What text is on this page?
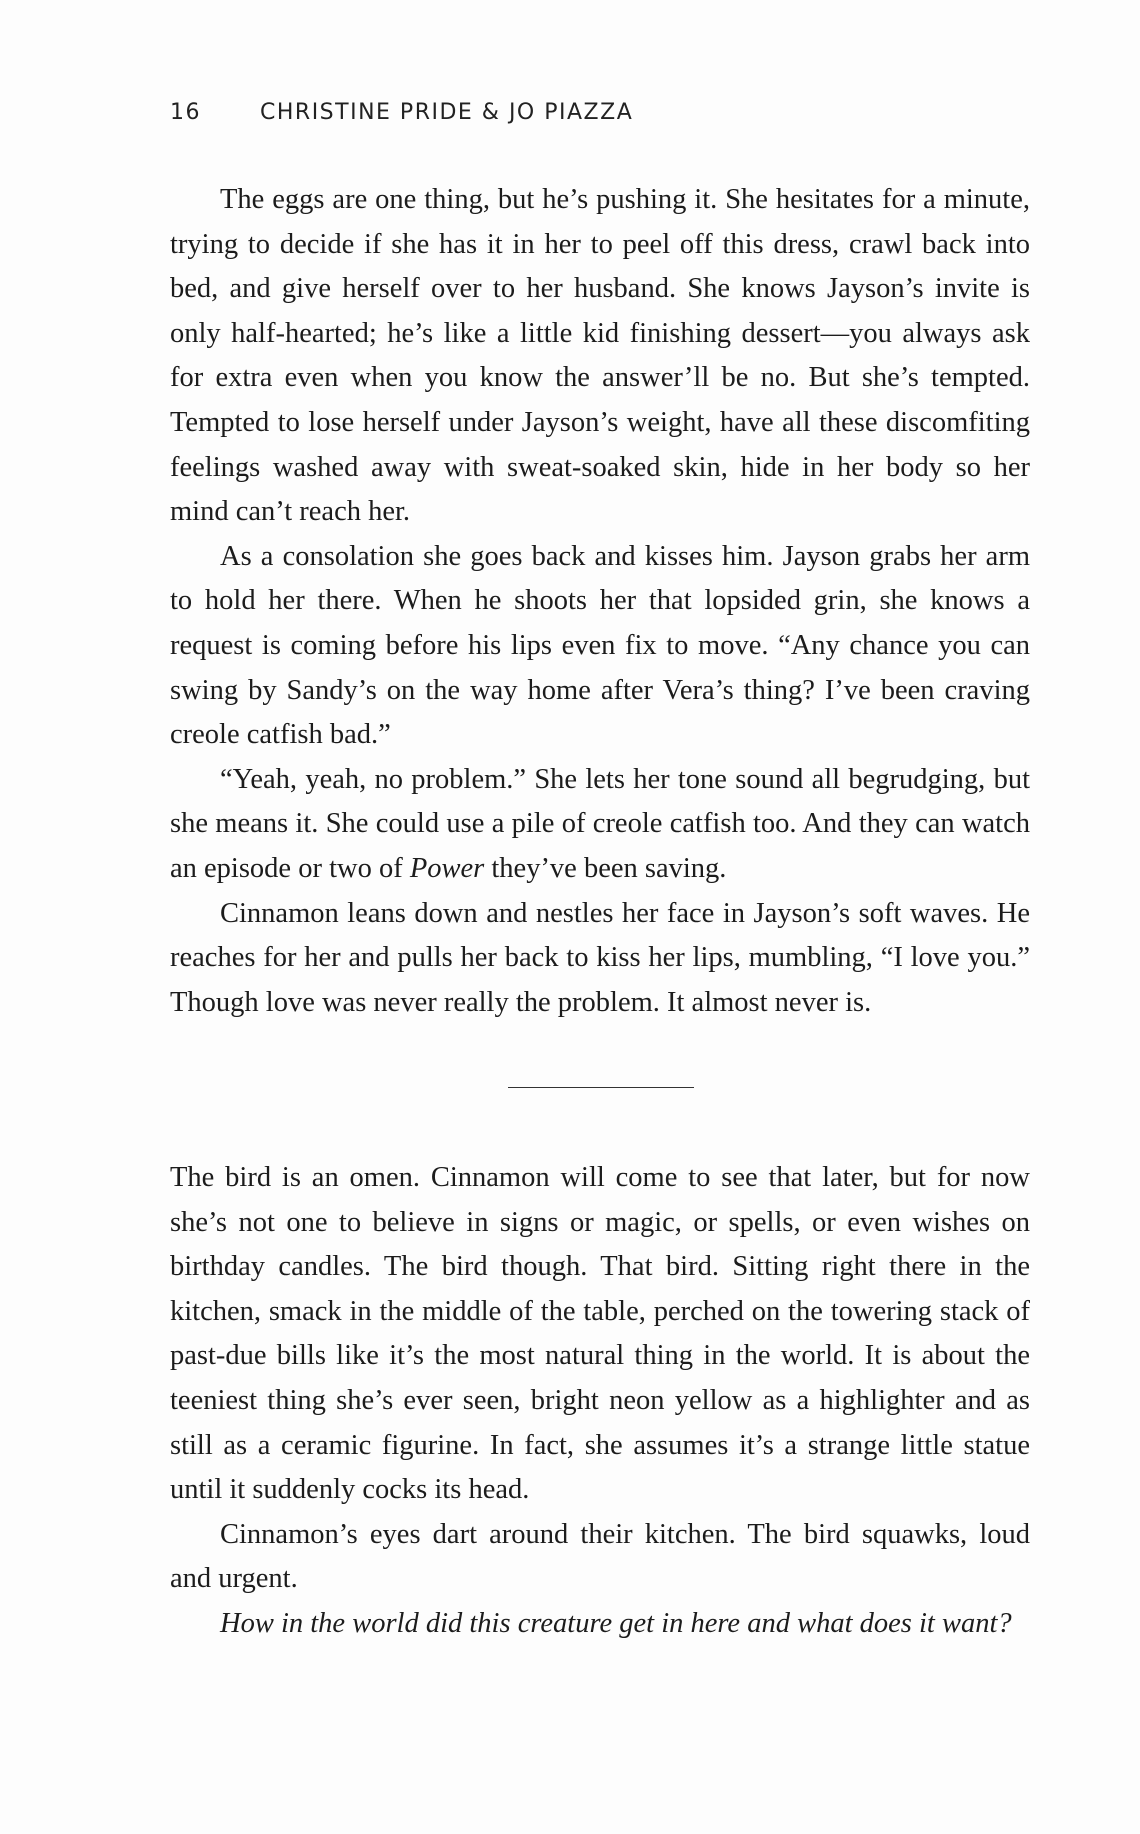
16	CHRISTINE PRIDE & JO PIAZZA

The eggs are one thing, but he’s pushing it. She hesitates for a minute, trying to decide if she has it in her to peel off this dress, crawl back into bed, and give herself over to her husband. She knows Jayson’s invite is only half-hearted; he’s like a little kid finishing dessert—you always ask for extra even when you know the answer’ll be no. But she’s tempted. Tempted to lose herself under Jayson’s weight, have all these discomfiting feelings washed away with sweat-soaked skin, hide in her body so her mind can’t reach her.

As a consolation she goes back and kisses him. Jayson grabs her arm to hold her there. When he shoots her that lopsided grin, she knows a request is coming before his lips even fix to move. “Any chance you can swing by Sandy’s on the way home after Vera’s thing? I’ve been craving creole catfish bad.”

“Yeah, yeah, no problem.” She lets her tone sound all begrudging, but she means it. She could use a pile of creole catfish too. And they can watch an episode or two of Power they’ve been saving.

Cinnamon leans down and nestles her face in Jayson’s soft waves. He reaches for her and pulls her back to kiss her lips, mumbling, “I love you.” Though love was never really the problem. It almost never is.

The bird is an omen. Cinnamon will come to see that later, but for now she’s not one to believe in signs or magic, or spells, or even wishes on birthday candles. The bird though. That bird. Sitting right there in the kitchen, smack in the middle of the table, perched on the towering stack of past-due bills like it’s the most natural thing in the world. It is about the teeniest thing she’s ever seen, bright neon yellow as a highlighter and as still as a ceramic figurine. In fact, she assumes it’s a strange little statue until it suddenly cocks its head.

Cinnamon’s eyes dart around their kitchen. The bird squawks, loud and urgent.

How in the world did this creature get in here and what does it want?
